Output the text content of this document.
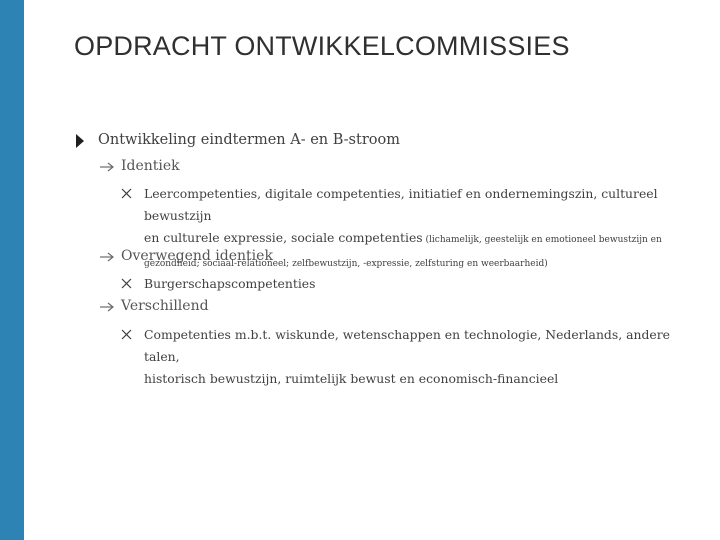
OPDRACHT ONTWIKKELCOMMISSIES
Ontwikkeling eindtermen A- en B-stroom
Identiek
Leercompetenties, digitale competenties, initiatief en ondernemingszin, cultureel bewustzijn
en culturele expressie, sociale competenties (lichamelijk, geestelijk en emotioneel bewustzijn en
gezondheid; sociaal-relationeel; zelfbewustzijn, -expressie, zelfsturing en weerbaarheid)
Overwegend identiek
Burgerschapscompetenties
Verschillend
Competenties m.b.t. wiskunde, wetenschappen en technologie, Nederlands, andere talen,
historisch bewustzijn, ruimtelijk bewust en economisch-financieel
